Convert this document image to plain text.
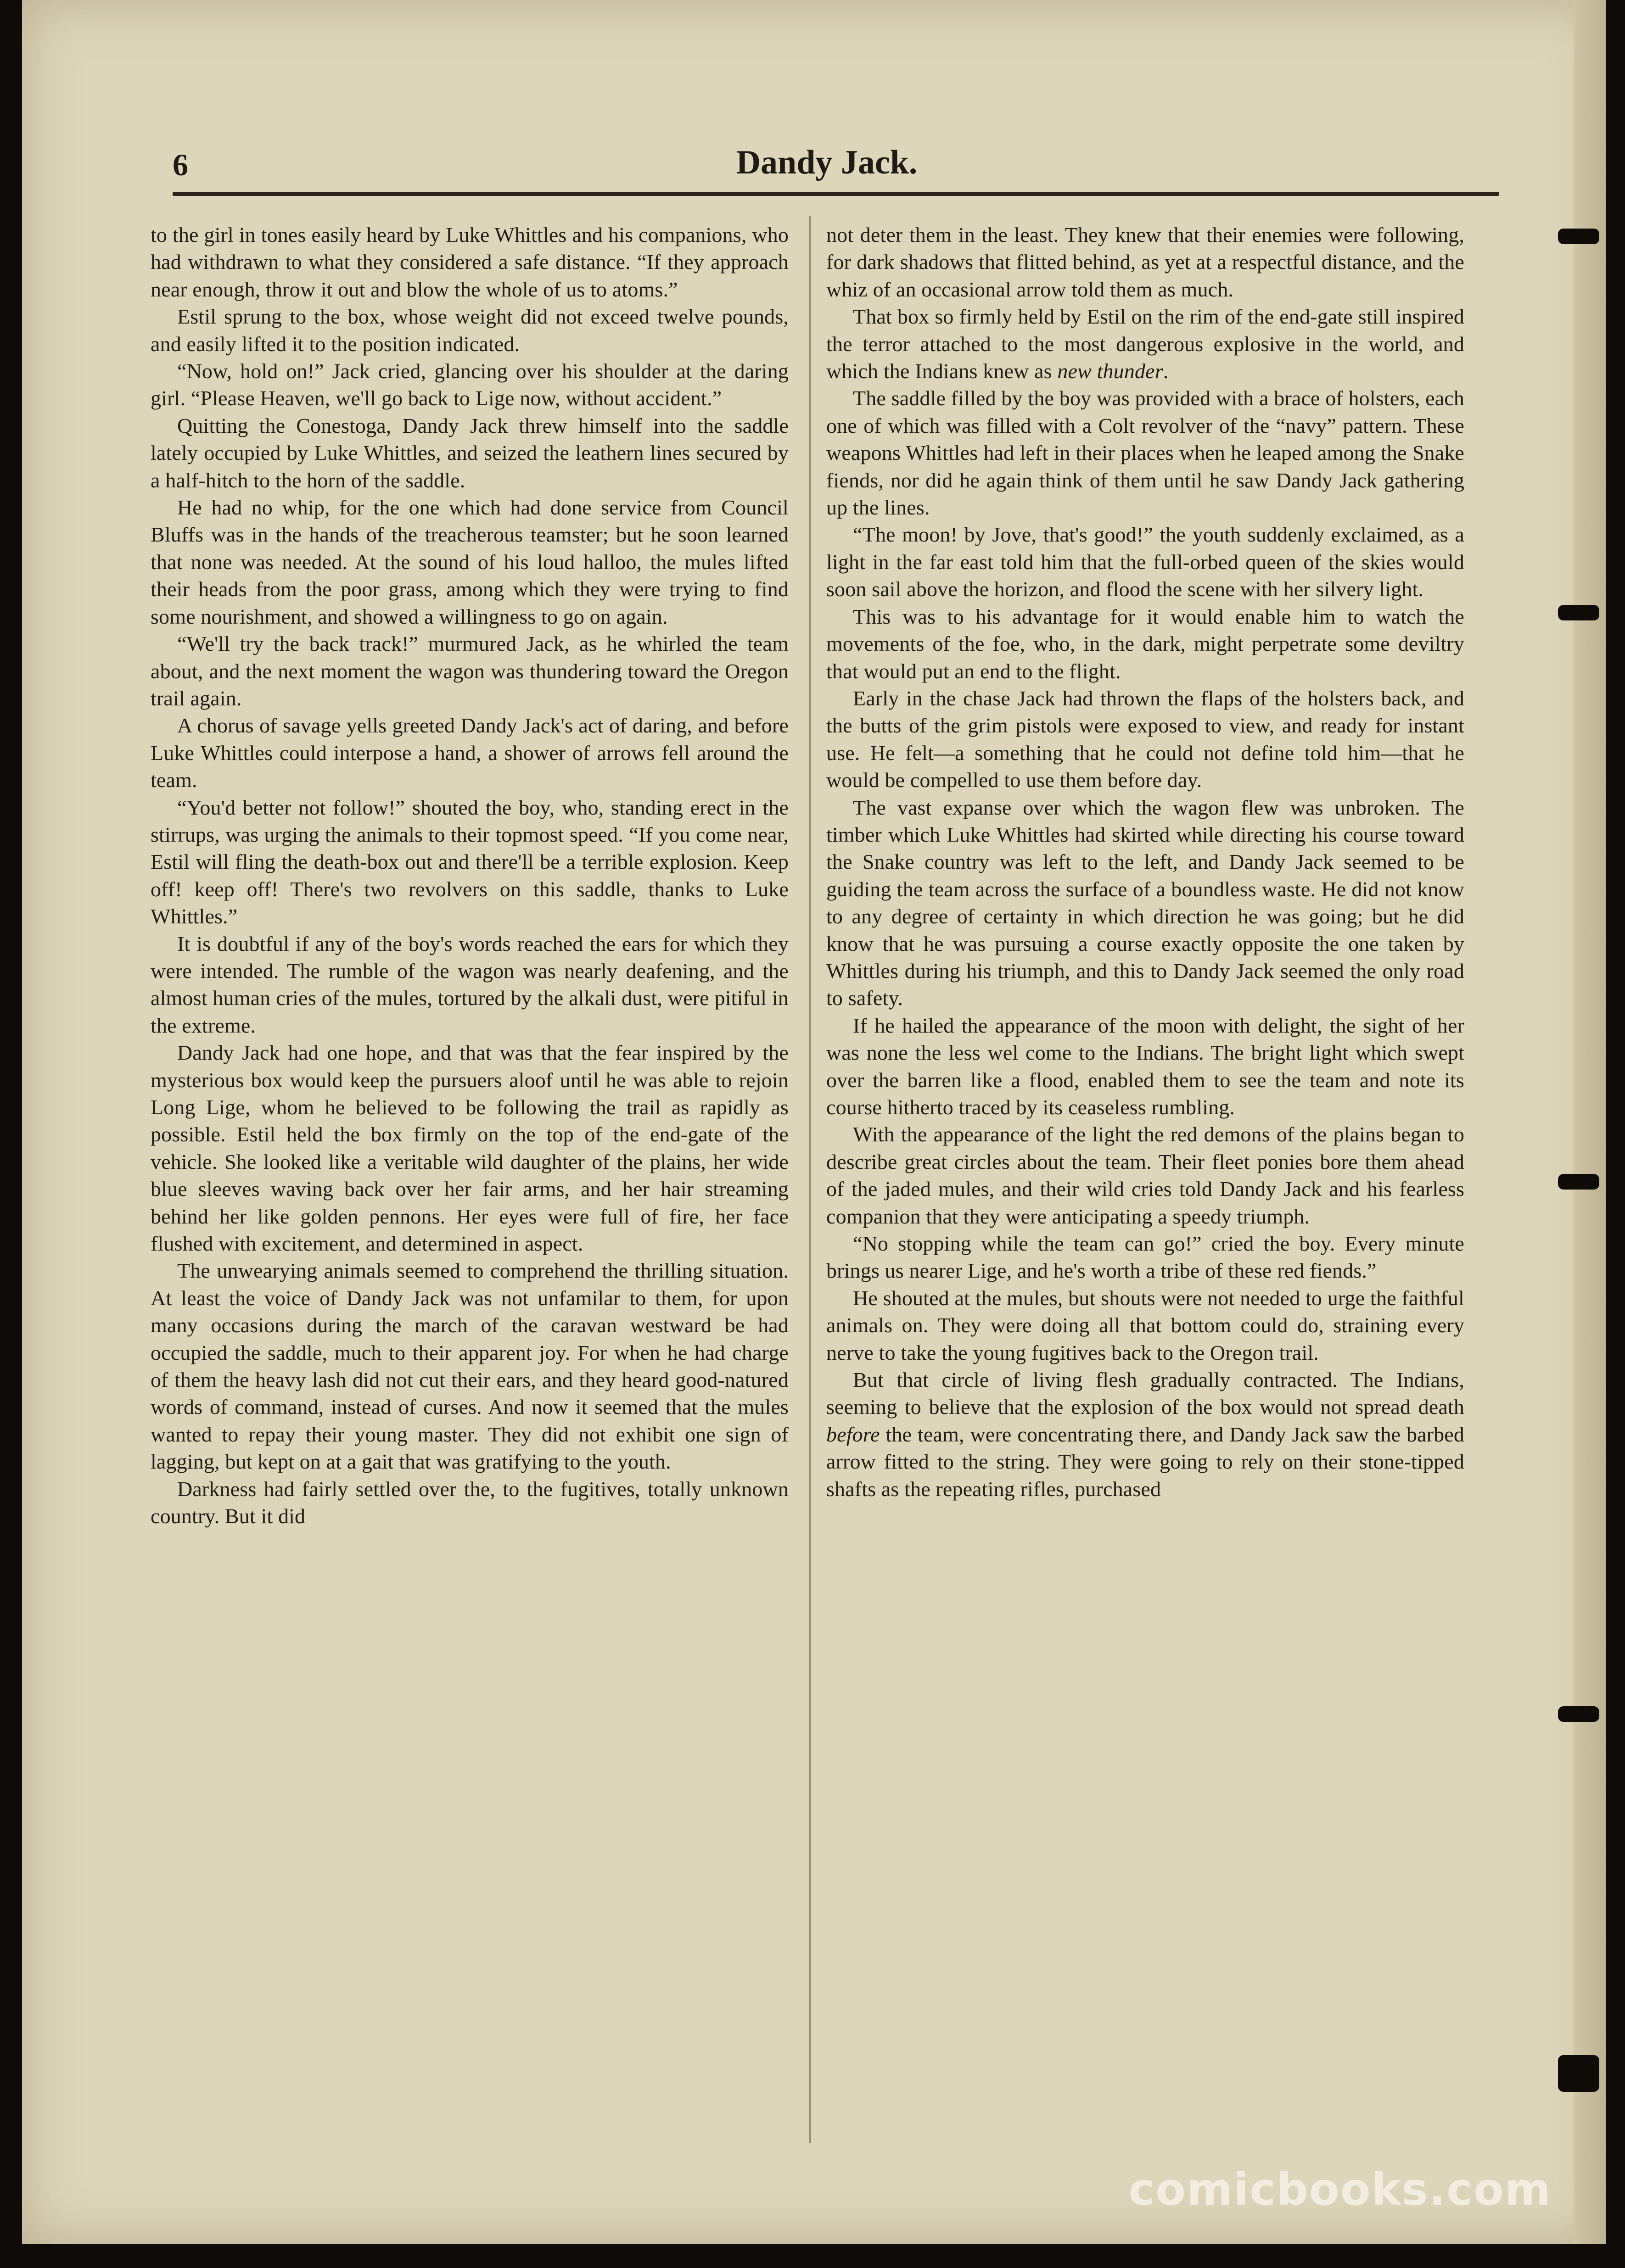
6	Dandy Jack.

to the girl in tones easily heard by Luke Whittles and his companions, who had withdrawn to what they considered a safe distance. “If they approach near enough, throw it out and blow the whole of us to atoms.”

Estil sprung to the box, whose weight did not exceed twelve pounds, and easily lifted it to the position indicated.

“Now, hold on!” Jack cried, glancing over his shoulder at the daring girl. “Please Heaven, we'll go back to Lige now, without accident.”

Quitting the Conestoga, Dandy Jack threw himself into the saddle lately occupied by Luke Whittles, and seized the leathern lines secured by a half-hitch to the horn of the saddle.

He had no whip, for the one which had done service from Council Bluffs was in the hands of the treacherous teamster; but he soon learned that none was needed. At the sound of his loud halloo, the mules lifted their heads from the poor grass, among which they were trying to find some nourishment, and showed a willingness to go on again.

“We'll try the back track!” murmured Jack, as he whirled the team about, and the next moment the wagon was thundering toward the Oregon trail again.

A chorus of savage yells greeted Dandy Jack's act of daring, and before Luke Whittles could interpose a hand, a shower of arrows fell around the team.

“You'd better not follow!” shouted the boy, who, standing erect in the stirrups, was urging the animals to their topmost speed. “If you come near, Estil will fling the death-box out and there'll be a terrible explosion. Keep off! keep off! There's two revolvers on this saddle, thanks to Luke Whittles.”

It is doubtful if any of the boy's words reached the ears for which they were intended. The rumble of the wagon was nearly deafening, and the almost human cries of the mules, tortured by the alkali dust, were pitiful in the extreme.

Dandy Jack had one hope, and that was that the fear inspired by the mysterious box would keep the pursuers aloof until he was able to rejoin Long Lige, whom he believed to be following the trail as rapidly as possible. Estil held the box firmly on the top of the end-gate of the vehicle. She looked like a veritable wild daughter of the plains, her wide blue sleeves waving back over her fair arms, and her hair streaming behind her like golden pennons. Her eyes were full of fire, her face flushed with excitement, and determined in aspect.

The unwearying animals seemed to comprehend the thrilling situation. At least the voice of Dandy Jack was not unfamilar to them, for upon many occasions during the march of the caravan westward be had occupied the saddle, much to their apparent joy. For when he had charge of them the heavy lash did not cut their ears, and they heard good-natured words of command, instead of curses. And now it seemed that the mules wanted to repay their young master. They did not exhibit one sign of lagging, but kept on at a gait that was gratifying to the youth.

Darkness had fairly settled over the, to the fugitives, totally unknown country. But it did

not deter them in the least. They knew that their enemies were following, for dark shadows that flitted behind, as yet at a respectful distance, and the whiz of an occasional arrow told them as much.

That box so firmly held by Estil on the rim of the end-gate still inspired the terror attached to the most dangerous explosive in the world, and which the Indians knew as new thunder.

The saddle filled by the boy was provided with a brace of holsters, each one of which was filled with a Colt revolver of the “navy” pattern. These weapons Whittles had left in their places when he leaped among the Snake fiends, nor did he again think of them until he saw Dandy Jack gathering up the lines.

“The moon! by Jove, that's good!” the youth suddenly exclaimed, as a light in the far east told him that the full-orbed queen of the skies would soon sail above the horizon, and flood the scene with her silvery light.

This was to his advantage for it would enable him to watch the movements of the foe, who, in the dark, might perpetrate some deviltry that would put an end to the flight.

Early in the chase Jack had thrown the flaps of the holsters back, and the butts of the grim pistols were exposed to view, and ready for instant use. He felt—a something that he could not define told him—that he would be compelled to use them before day.

The vast expanse over which the wagon flew was unbroken. The timber which Luke Whittles had skirted while directing his course toward the Snake country was left to the left, and Dandy Jack seemed to be guiding the team across the surface of a boundless waste. He did not know to any degree of certainty in which direction he was going; but he did know that he was pursuing a course exactly opposite the one taken by Whittles during his triumph, and this to Dandy Jack seemed the only road to safety.

If he hailed the appearance of the moon with delight, the sight of her was none the less wel come to the Indians. The bright light which swept over the barren like a flood, enabled them to see the team and note its course hitherto traced by its ceaseless rumbling.

With the appearance of the light the red demons of the plains began to describe great circles about the team. Their fleet ponies bore them ahead of the jaded mules, and their wild cries told Dandy Jack and his fearless companion that they were anticipating a speedy triumph.

“No stopping while the team can go!” cried the boy. Every minute brings us nearer Lige, and he's worth a tribe of these red fiends.”

He shouted at the mules, but shouts were not needed to urge the faithful animals on. They were doing all that bottom could do, straining every nerve to take the young fugitives back to the Oregon trail.

But that circle of living flesh gradually contracted. The Indians, seeming to believe that the explosion of the box would not spread death before the team, were concentrating there, and Dandy Jack saw the barbed arrow fitted to the string. They were going to rely on their stone-tipped shafts as the repeating rifles, purchased

comicbooks.com
